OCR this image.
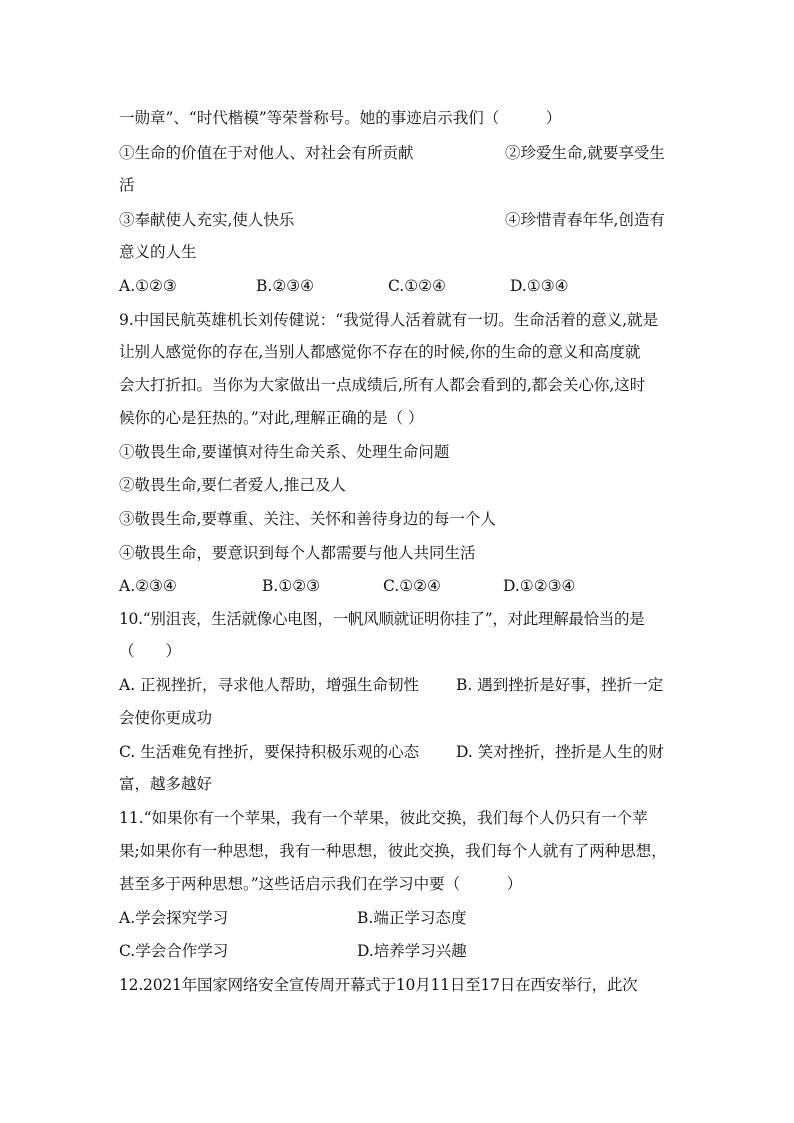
一勋章”、“时代楷模”等荣誉称号。她的事迹启示我们（　　　）
①生命的价值在于对他人、对社会有所贡献	②珍爱生命,就要享受生
活
③奉献使人充实,使人快乐	④珍惜青春年华,创造有
意义的人生
A.①②③	B.②③④	C.①②④	D.①③④
9.中国民航英雄机长刘传健说：“我觉得人活着就有一切。生命活着的意义,就是
让别人感觉你的存在,当别人都感觉你不存在的时候,你的生命的意义和高度就
会大打折扣。当你为大家做出一点成绩后,所有人都会看到的,都会关心你,这时
候你的心是狂热的。”对此,理解正确的是（ ）
①敬畏生命,要谨慎对待生命关系、处理生命问题
②敬畏生命,要仁者爱人,推己及人
③敬畏生命,要尊重、关注、关怀和善待身边的每一个人
④敬畏生命，要意识到每个人都需要与他人共同生活
A.②③④	B.①②③	C.①②④	D.①②③④
10.“别沮丧，生活就像心电图，一帆风顺就证明你挂了”，对此理解最恰当的是
（　　）
A. 正视挫折，寻求他人帮助，增强生命韧性 B. 遇到挫折是好事，挫折一定
会使你更成功
C. 生活难免有挫折，要保持积极乐观的心态 D. 笑对挫折，挫折是人生的财
富，越多越好
11.“如果你有一个苹果，我有一个苹果，彼此交换，我们每个人仍只有一个苹
果;如果你有一种思想，我有一种思想，彼此交换，我们每个人就有了两种思想，
甚至多于两种思想。”这些话启示我们在学习中要（　　　）
A.学会探究学习	B.端正学习态度
C.学会合作学习	D.培养学习兴趣
12.2021年国家网络安全宣传周开幕式于10月11日至17日在西安举行，此次
